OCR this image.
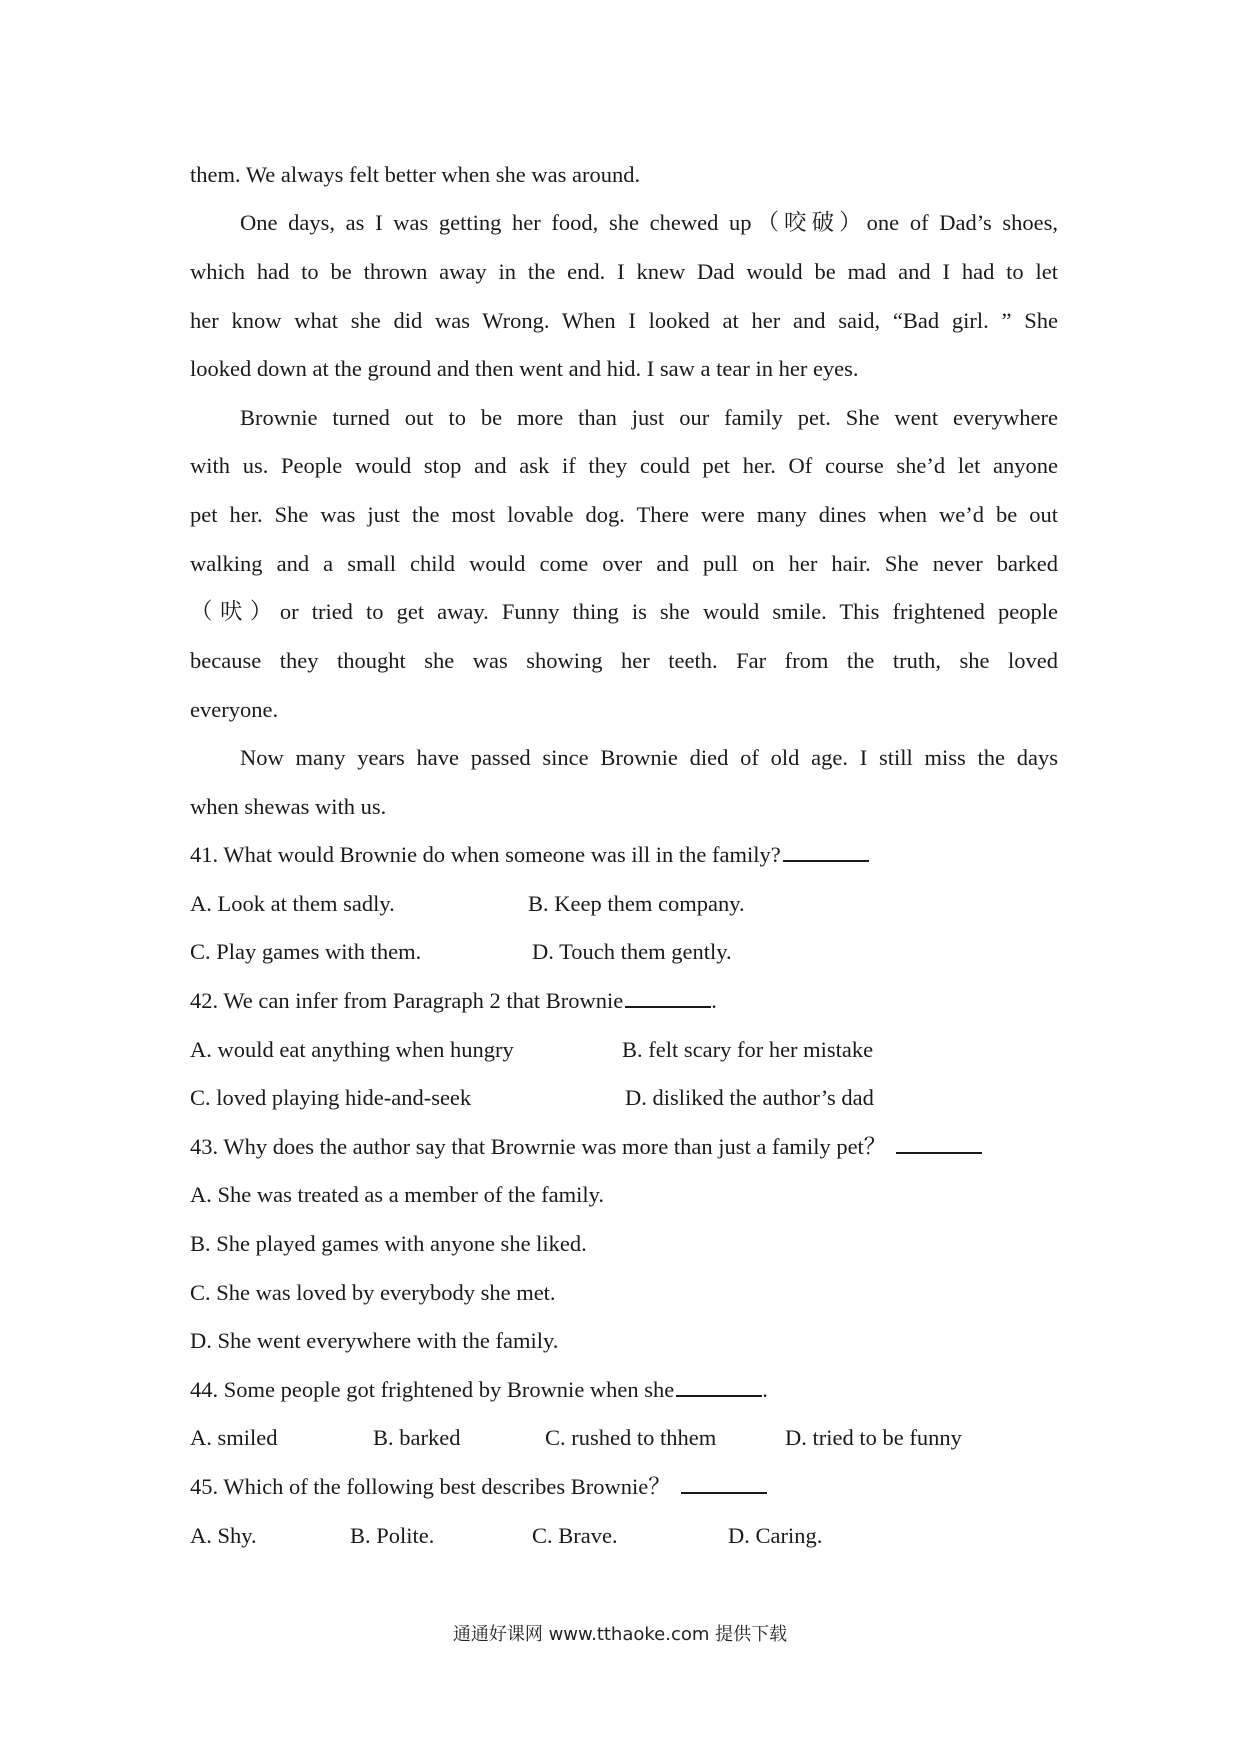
them. We always felt better when she was around.
One days, as I was getting her food, she chewed up（咬破）one of Dad’s shoes,
which had to be thrown away in the end. I knew Dad would be mad and I had to let
her know what she did was Wrong. When I looked at her and said, “Bad girl. ” She
looked down at the ground and then went and hid. I saw a tear in her eyes.
Brownie turned out to be more than just our family pet. She went everywhere
with us. People would stop and ask if they could pet her. Of course she’d let anyone
pet her. She was just the most lovable dog. There were many dines when we’d be out
walking and a small child would come over and pull on her hair. She never barked
（吠）or tried to get away. Funny thing is she would smile. This frightened people
because they thought she was showing her teeth. Far from the truth, she loved
everyone.
Now many years have passed since Brownie died of old age. I still miss the days
when shewas with us.
41. What would Brownie do when someone was ill in the family?
A. Look at them sadly.	B. Keep them company.
C. Play games with them.	D. Touch them gently.
42. We can infer from Paragraph 2 that Brownie	.
A. would eat anything when hungry	B. felt scary for her mistake
C. loved playing hide-and-seek	D. disliked the author’s dad
43. Why does the author say that Browrnie was more than just a family pet？
A. She was treated as a member of the family.
B. She played games with anyone she liked.
C. She was loved by everybody she met.
D. She went everywhere with the family.
44. Some people got frightened by Brownie when she	.
A. smiled	B. barked	C. rushed to thhem	D. tried to be funny
45. Which of the following best describes Brownie？
A. Shy.	B. Polite.	C. Brave.	D. Caring.
通通好课网 www.tthaoke.com 提供下载
